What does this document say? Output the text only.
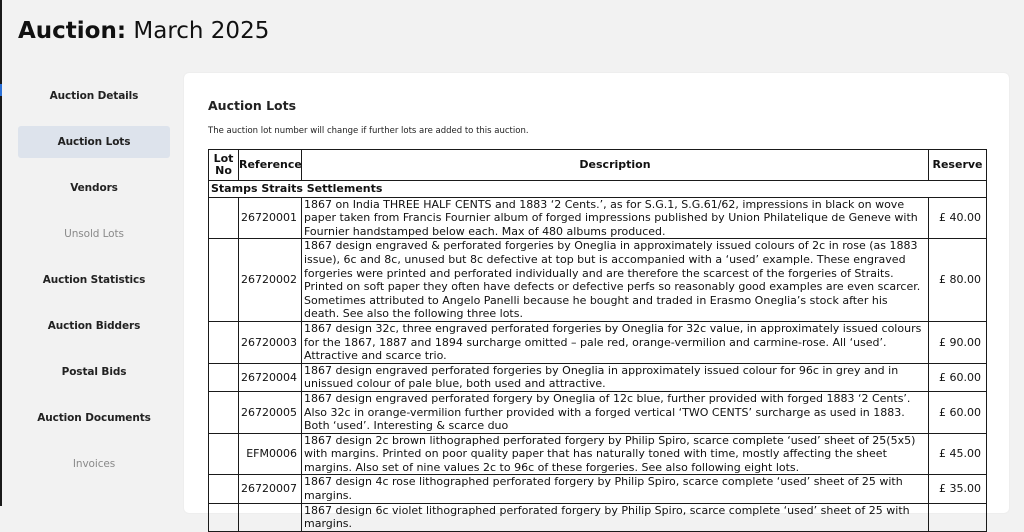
Auction: March 2025
Auction Details
Auction Lots
Vendors
Unsold Lots
Auction Statistics
Auction Bidders
Postal Bids
Auction Documents
Invoices
Auction Lots
The auction lot number will change if further lots are added to this auction.
Lot No	Reference	Description	Reserve
Stamps Straits Settlements			
	26720001	1867 on India THREE HALF CENTS and 1883 ‘2 Cents.’, as for S.G.1, S.G.61/62, impressions in black on wove paper taken from Francis Fournier album of forged impressions published by Union Philatelique de Geneve with Fournier handstamped below each. Max of 480 albums produced.	£ 40.00
	26720002	1867 design engraved & perforated forgeries by Oneglia in approximately issued colours of 2c in rose (as 1883 issue), 6c and 8c, unused but 8c defective at top but is accompanied with a ‘used’ example. These engraved forgeries were printed and perforated individually and are therefore the scarcest of the forgeries of Straits. Printed on soft paper they often have defects or defective perfs so reasonably good examples are even scarcer. Sometimes attributed to Angelo Panelli because he bought and traded in Erasmo Oneglia’s stock after his death. See also the following three lots.	£ 80.00
	26720003	1867 design 32c, three engraved perforated forgeries by Oneglia for 32c value, in approximately issued colours for the 1867, 1887 and 1894 surcharge omitted – pale red, orange-vermilion and carmine-rose. All ‘used’. Attractive and scarce trio.	£ 90.00
	26720004	1867 design engraved perforated forgeries by Oneglia in approximately issued colour for 96c in grey and in unissued colour of pale blue, both used and attractive.	£ 60.00
	26720005	1867 design engraved perforated forgery by Oneglia of 12c blue, further provided with forged 1883 ‘2 Cents’. Also 32c in orange-vermilion further provided with a forged vertical ‘TWO CENTS’ surcharge as used in 1883. Both ‘used’. Interesting & scarce duo	£ 60.00
	EFM0006	1867 design 2c brown lithographed perforated forgery by Philip Spiro, scarce complete ‘used’ sheet of 25(5x5) with margins. Printed on poor quality paper that has naturally toned with time, mostly affecting the sheet margins. Also set of nine values 2c to 96c of these forgeries. See also following eight lots.	£ 45.00
	26720007	1867 design 4c rose lithographed perforated forgery by Philip Spiro, scarce complete ‘used’ sheet of 25 with margins.	£ 35.00
		1867 design 6c violet lithographed perforated forgery by Philip Spiro, scarce complete ‘used’ sheet of 25 with margins.	
